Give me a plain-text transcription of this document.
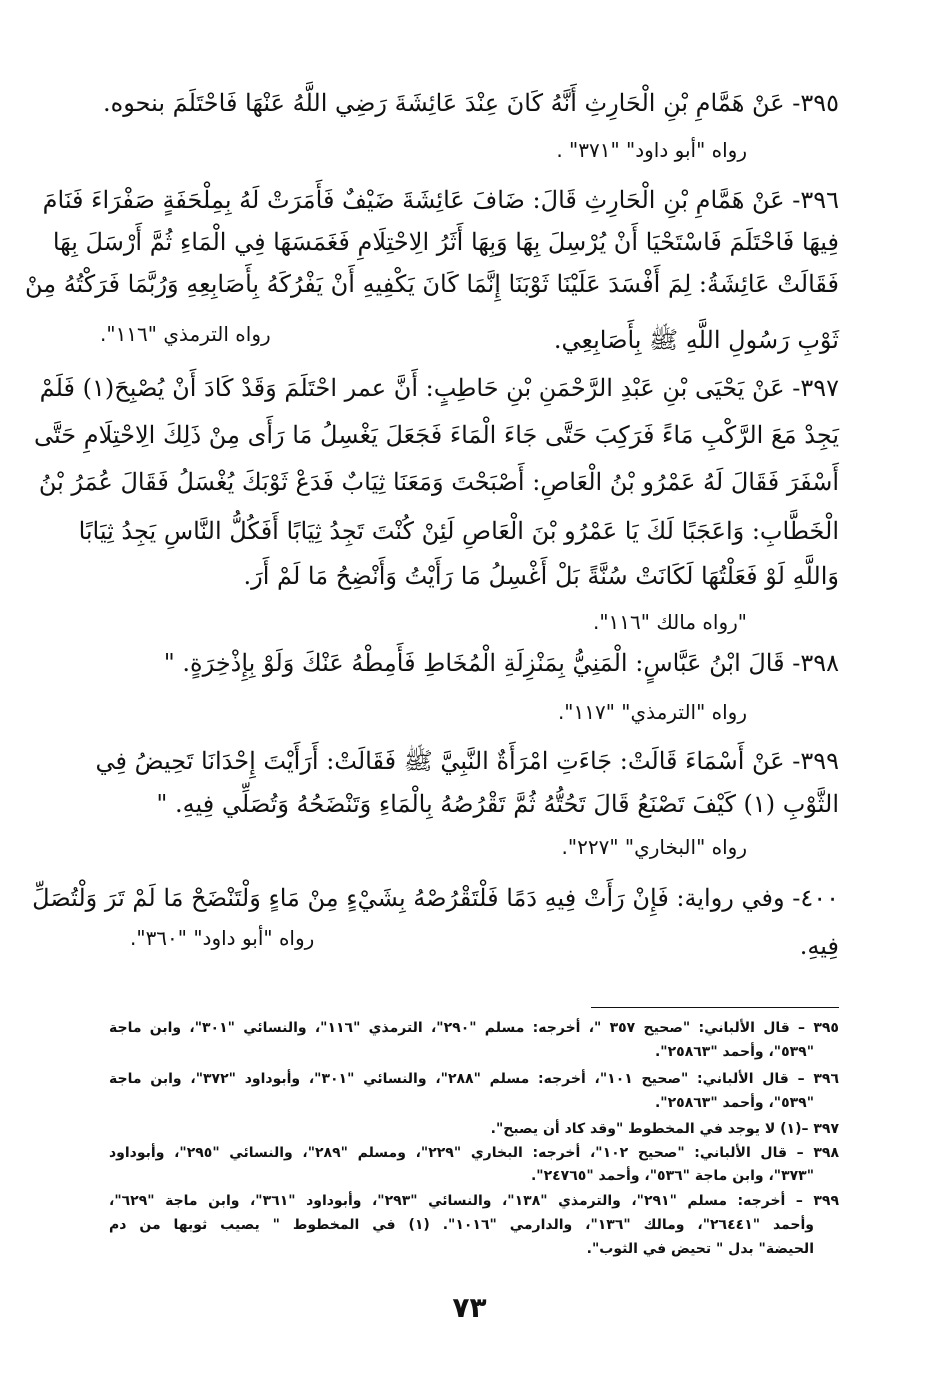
٣٩٥- عَنْ هَمَّامِ بْنِ الْحَارِثِ أَنَّهُ كَانَ عِنْدَ عَائِشَةَ رَضِي اللَّهُ عَنْهَا فَاحْتَلَمَ بنحوه.
رواه "أبو داود" "٣٧١" .
٣٩٦- عَنْ هَمَّامِ بْنِ الْحَارِثِ قَالَ: ضَافَ عَائِشَةَ ضَيْفٌ فَأَمَرَتْ لَهُ بِمِلْحَفَةٍ صَفْرَاءَ فَنَامَ
فِيهَا فَاحْتَلَمَ فَاسْتَحْيَا أَنْ يُرْسِلَ بِهَا وَبِهَا أَثَرُ الِاحْتِلَامِ فَغَمَسَهَا فِي الْمَاءِ ثُمَّ أَرْسَلَ بِهَا
فَقَالَتْ عَائِشَةُ: لِمَ أَفْسَدَ عَلَيْنَا ثَوْبَنَا إِنَّمَا كَانَ يَكْفِيهِ أَنْ يَفْرُكَهُ بِأَصَابِعِهِ وَرُبَّمَا فَرَكْتُهُ مِنْ
ثَوْبِ رَسُولِ اللَّهِ ﷺ بِأَصَابِعِي.
رواه الترمذي "١١٦".
٣٩٧- عَنْ يَحْيَى بْنِ عَبْدِ الرَّحْمَنِ بْنِ حَاطِبٍ: أَنَّ عمر احْتَلَمَ وَقَدْ كَادَ أَنْ يُصْبِحَ(١) فَلَمْ
يَجِدْ مَعَ الرَّكْبِ مَاءً فَرَكِبَ حَتَّى جَاءَ الْمَاءَ فَجَعَلَ يَغْسِلُ مَا رَأَى مِنْ ذَلِكَ الِاحْتِلَامِ حَتَّى
أَسْفَرَ فَقَالَ لَهُ عَمْرُو بْنُ الْعَاصِ: أَصْبَحْتَ وَمَعَنَا ثِيَابٌ فَدَعْ ثَوْبَكَ يُغْسَلُ فَقَالَ عُمَرُ بْنُ
الْخَطَّابِ: وَاعَجَبًا لَكَ يَا عَمْرُو بْنَ الْعَاصِ لَئِنْ كُنْتَ تَجِدُ ثِيَابًا أَفَكُلُّ النَّاسِ يَجِدُ ثِيَابًا
وَاللَّهِ لَوْ فَعَلْتُهَا لَكَانَتْ سُنَّةً بَلْ أَغْسِلُ مَا رَأَيْتُ وَأَنْضِحُ مَا لَمْ أَرَ.
"رواه مالك "١١٦".
٣٩٨- قَالَ ابْنُ عَبَّاسٍ: الْمَنِيُّ بِمَنْزِلَةِ الْمُخَاطِ فَأَمِطْهُ عَنْكَ وَلَوْ بِإِذْخِرَةٍ. "
رواه "الترمذي" "١١٧".
٣٩٩- عَنْ أَسْمَاءَ قَالَتْ: جَاءَتِ امْرَأَةٌ النَّبِيَّ ﷺ فَقَالَتْ: أَرَأَيْتَ إِحْدَانَا تَحِيضُ فِي
الثَّوْبِ (١) كَيْفَ تَصْنَعُ قَالَ تَحُتُّهُ ثُمَّ تَقْرُصُهُ بِالْمَاءِ وَتَنْضَحُهُ وَتُصَلِّي فِيهِ. "
رواه "البخاري" "٢٢٧".
٤٠٠- وفي رواية: فَإِنْ رَأَتْ فِيهِ دَمًا فَلْتَقْرُصْهُ بِشَيْءٍ مِنْ مَاءٍ وَلْتَنْضَحْ مَا لَمْ تَرَ وَلْتُصَلِّ
فِيهِ.
رواه "أبو داود" "٣٦٠".
٣٩٥ – قال الألباني: "صحيح ٣٥٧ "، أخرجه: مسلم "٢٩٠"، الترمذي "١١٦"، والنسائي "٣٠١"، وابن ماجة
"٥٣٩"، وأحمد "٢٥٨٦٣".
٣٩٦ – قال الألباني: "صحيح ١٠١"، أخرجه: مسلم "٢٨٨"، والنسائي "٣٠١"، وأبوداود "٣٧٢"، وابن ماجة
"٥٣٩"، وأحمد "٢٥٨٦٣".
٣٩٧ –(١) لا يوجد في المخطوط "وقد كاد أن يصبح".
٣٩٨ – قال الألباني: "صحيح ١٠٢"، أخرجه: البخاري "٢٢٩"، ومسلم "٢٨٩"، والنسائي "٢٩٥"، وأبوداود
"٣٧٣"، وابن ماجة "٥٣٦"، وأحمد "٢٤٧٦٥".
٣٩٩ – أخرجه: مسلم "٢٩١"، والترمذي "١٣٨"، والنسائي "٢٩٣"، وأبوداود "٣٦١"، وابن ماجة "٦٢٩"،
وأحمد "٢٦٤٤١"، ومالك "١٣٦"، والدارمي "١٠١٦". (١) في المخطوط " يصيب ثوبها من دم
الحيضة" بدل " تحيض في الثوب".
٧٣
